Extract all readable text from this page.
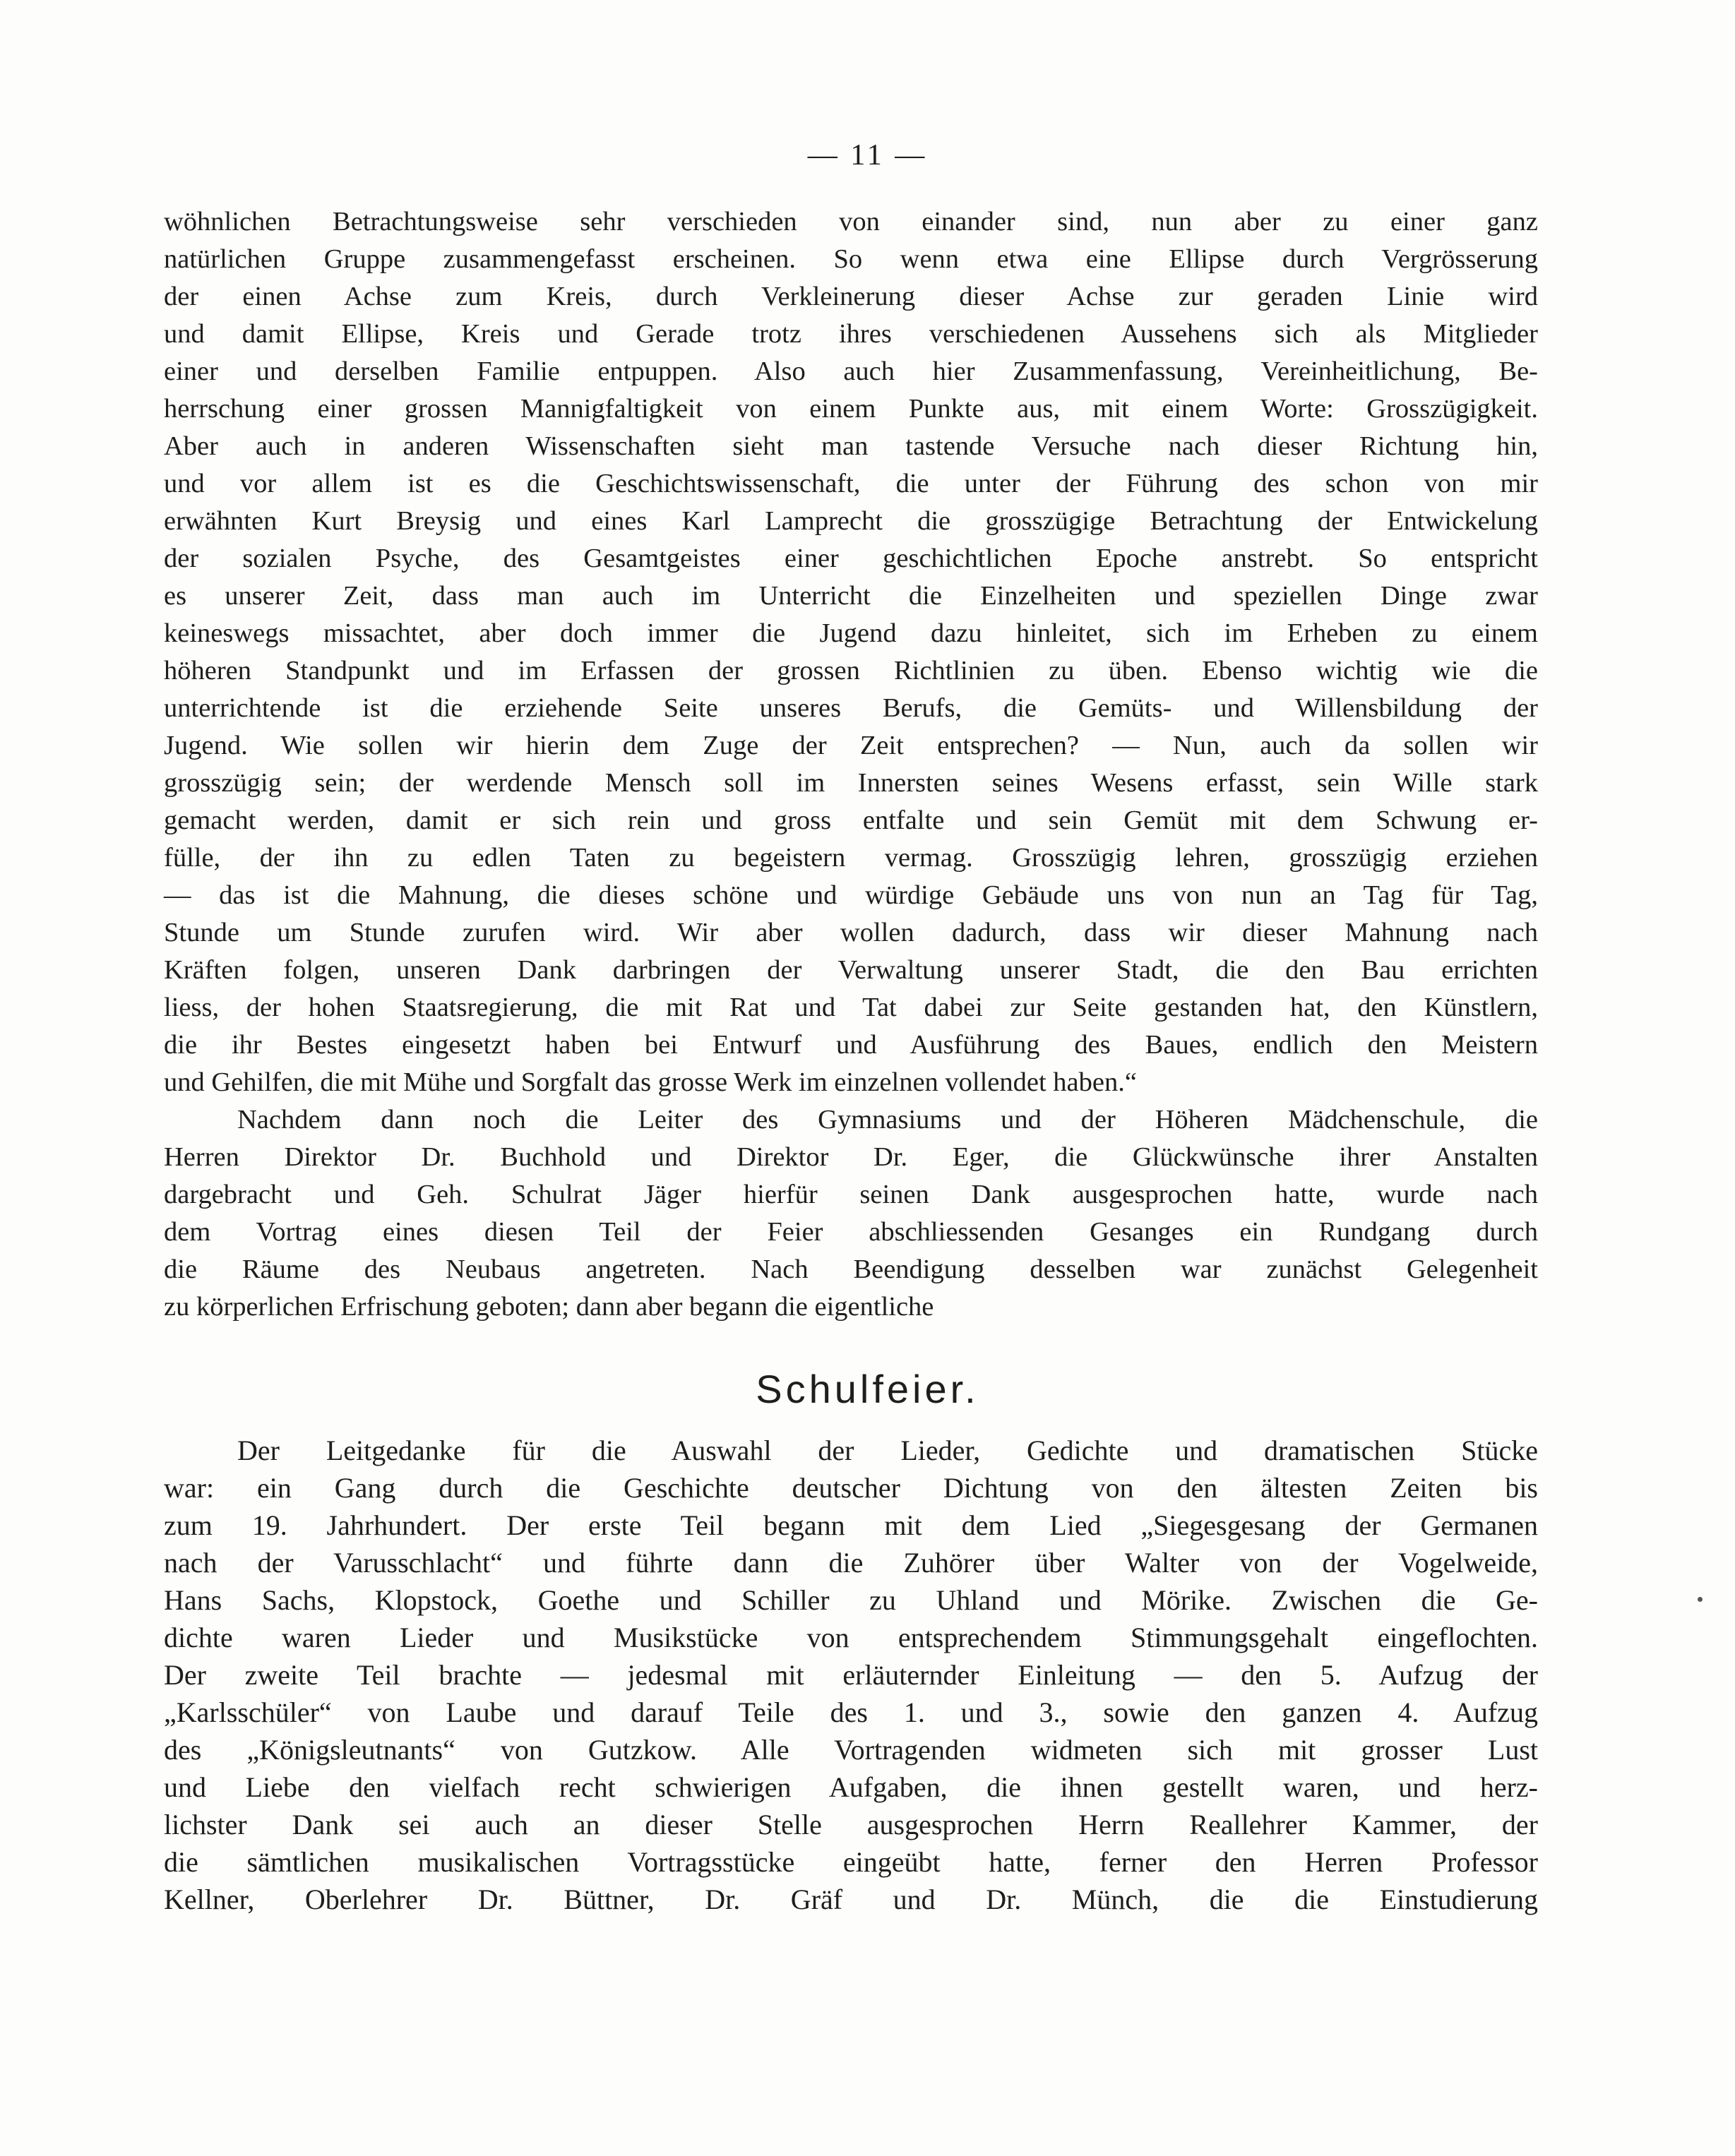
— 11 —
wöhnlichen Betrachtungsweise sehr verschieden von einander sind, nun aber zu einer ganz
natürlichen Gruppe zusammengefasst erscheinen. So wenn etwa eine Ellipse durch Vergrösserung
der einen Achse zum Kreis, durch Verkleinerung dieser Achse zur geraden Linie wird
und damit Ellipse, Kreis und Gerade trotz ihres verschiedenen Aussehens sich als Mitglieder
einer und derselben Familie entpuppen. Also auch hier Zusammenfassung, Vereinheitlichung, Be-
herrschung einer grossen Mannigfaltigkeit von einem Punkte aus, mit einem Worte: Grosszügigkeit.
Aber auch in anderen Wissenschaften sieht man tastende Versuche nach dieser Richtung hin,
und vor allem ist es die Geschichtswissenschaft, die unter der Führung des schon von mir
erwähnten Kurt Breysig und eines Karl Lamprecht die grosszügige Betrachtung der Entwickelung
der sozialen Psyche, des Gesamtgeistes einer geschichtlichen Epoche anstrebt. So entspricht
es unserer Zeit, dass man auch im Unterricht die Einzelheiten und speziellen Dinge zwar
keineswegs missachtet, aber doch immer die Jugend dazu hinleitet, sich im Erheben zu einem
höheren Standpunkt und im Erfassen der grossen Richtlinien zu üben. Ebenso wichtig wie die
unterrichtende ist die erziehende Seite unseres Berufs, die Gemüts- und Willensbildung der
Jugend. Wie sollen wir hierin dem Zuge der Zeit entsprechen? — Nun, auch da sollen wir
grosszügig sein; der werdende Mensch soll im Innersten seines Wesens erfasst, sein Wille stark
gemacht werden, damit er sich rein und gross entfalte und sein Gemüt mit dem Schwung er-
fülle, der ihn zu edlen Taten zu begeistern vermag. Grosszügig lehren, grosszügig erziehen
— das ist die Mahnung, die dieses schöne und würdige Gebäude uns von nun an Tag für Tag,
Stunde um Stunde zurufen wird. Wir aber wollen dadurch, dass wir dieser Mahnung nach
Kräften folgen, unseren Dank darbringen der Verwaltung unserer Stadt, die den Bau errichten
liess, der hohen Staatsregierung, die mit Rat und Tat dabei zur Seite gestanden hat, den Künstlern,
die ihr Bestes eingesetzt haben bei Entwurf und Ausführung des Baues, endlich den Meistern
und Gehilfen, die mit Mühe und Sorgfalt das grosse Werk im einzelnen vollendet haben.“
Nachdem dann noch die Leiter des Gymnasiums und der Höheren Mädchenschule, die
Herren Direktor Dr. Buchhold und Direktor Dr. Eger, die Glückwünsche ihrer Anstalten
dargebracht und Geh. Schulrat Jäger hierfür seinen Dank ausgesprochen hatte, wurde nach
dem Vortrag eines diesen Teil der Feier abschliessenden Gesanges ein Rundgang durch
die Räume des Neubaus angetreten. Nach Beendigung desselben war zunächst Gelegenheit
zu körperlichen Erfrischung geboten; dann aber begann die eigentliche
Schulfeier.
Der Leitgedanke für die Auswahl der Lieder, Gedichte und dramatischen Stücke
war: ein Gang durch die Geschichte deutscher Dichtung von den ältesten Zeiten bis
zum 19. Jahrhundert. Der erste Teil begann mit dem Lied „Siegesgesang der Germanen
nach der Varusschlacht“ und führte dann die Zuhörer über Walter von der Vogelweide,
Hans Sachs, Klopstock, Goethe und Schiller zu Uhland und Mörike. Zwischen die Ge-
dichte waren Lieder und Musikstücke von entsprechendem Stimmungsgehalt eingeflochten.
Der zweite Teil brachte — jedesmal mit erläuternder Einleitung — den 5. Aufzug der
„Karlsschüler“ von Laube und darauf Teile des 1. und 3., sowie den ganzen 4. Aufzug
des „Königsleutnants“ von Gutzkow. Alle Vortragenden widmeten sich mit grosser Lust
und Liebe den vielfach recht schwierigen Aufgaben, die ihnen gestellt waren, und herz-
lichster Dank sei auch an dieser Stelle ausgesprochen Herrn Reallehrer Kammer, der
die sämtlichen musikalischen Vortragsstücke eingeübt hatte, ferner den Herren Professor
Kellner, Oberlehrer Dr. Büttner, Dr. Gräf und Dr. Münch, die die Einstudierung
